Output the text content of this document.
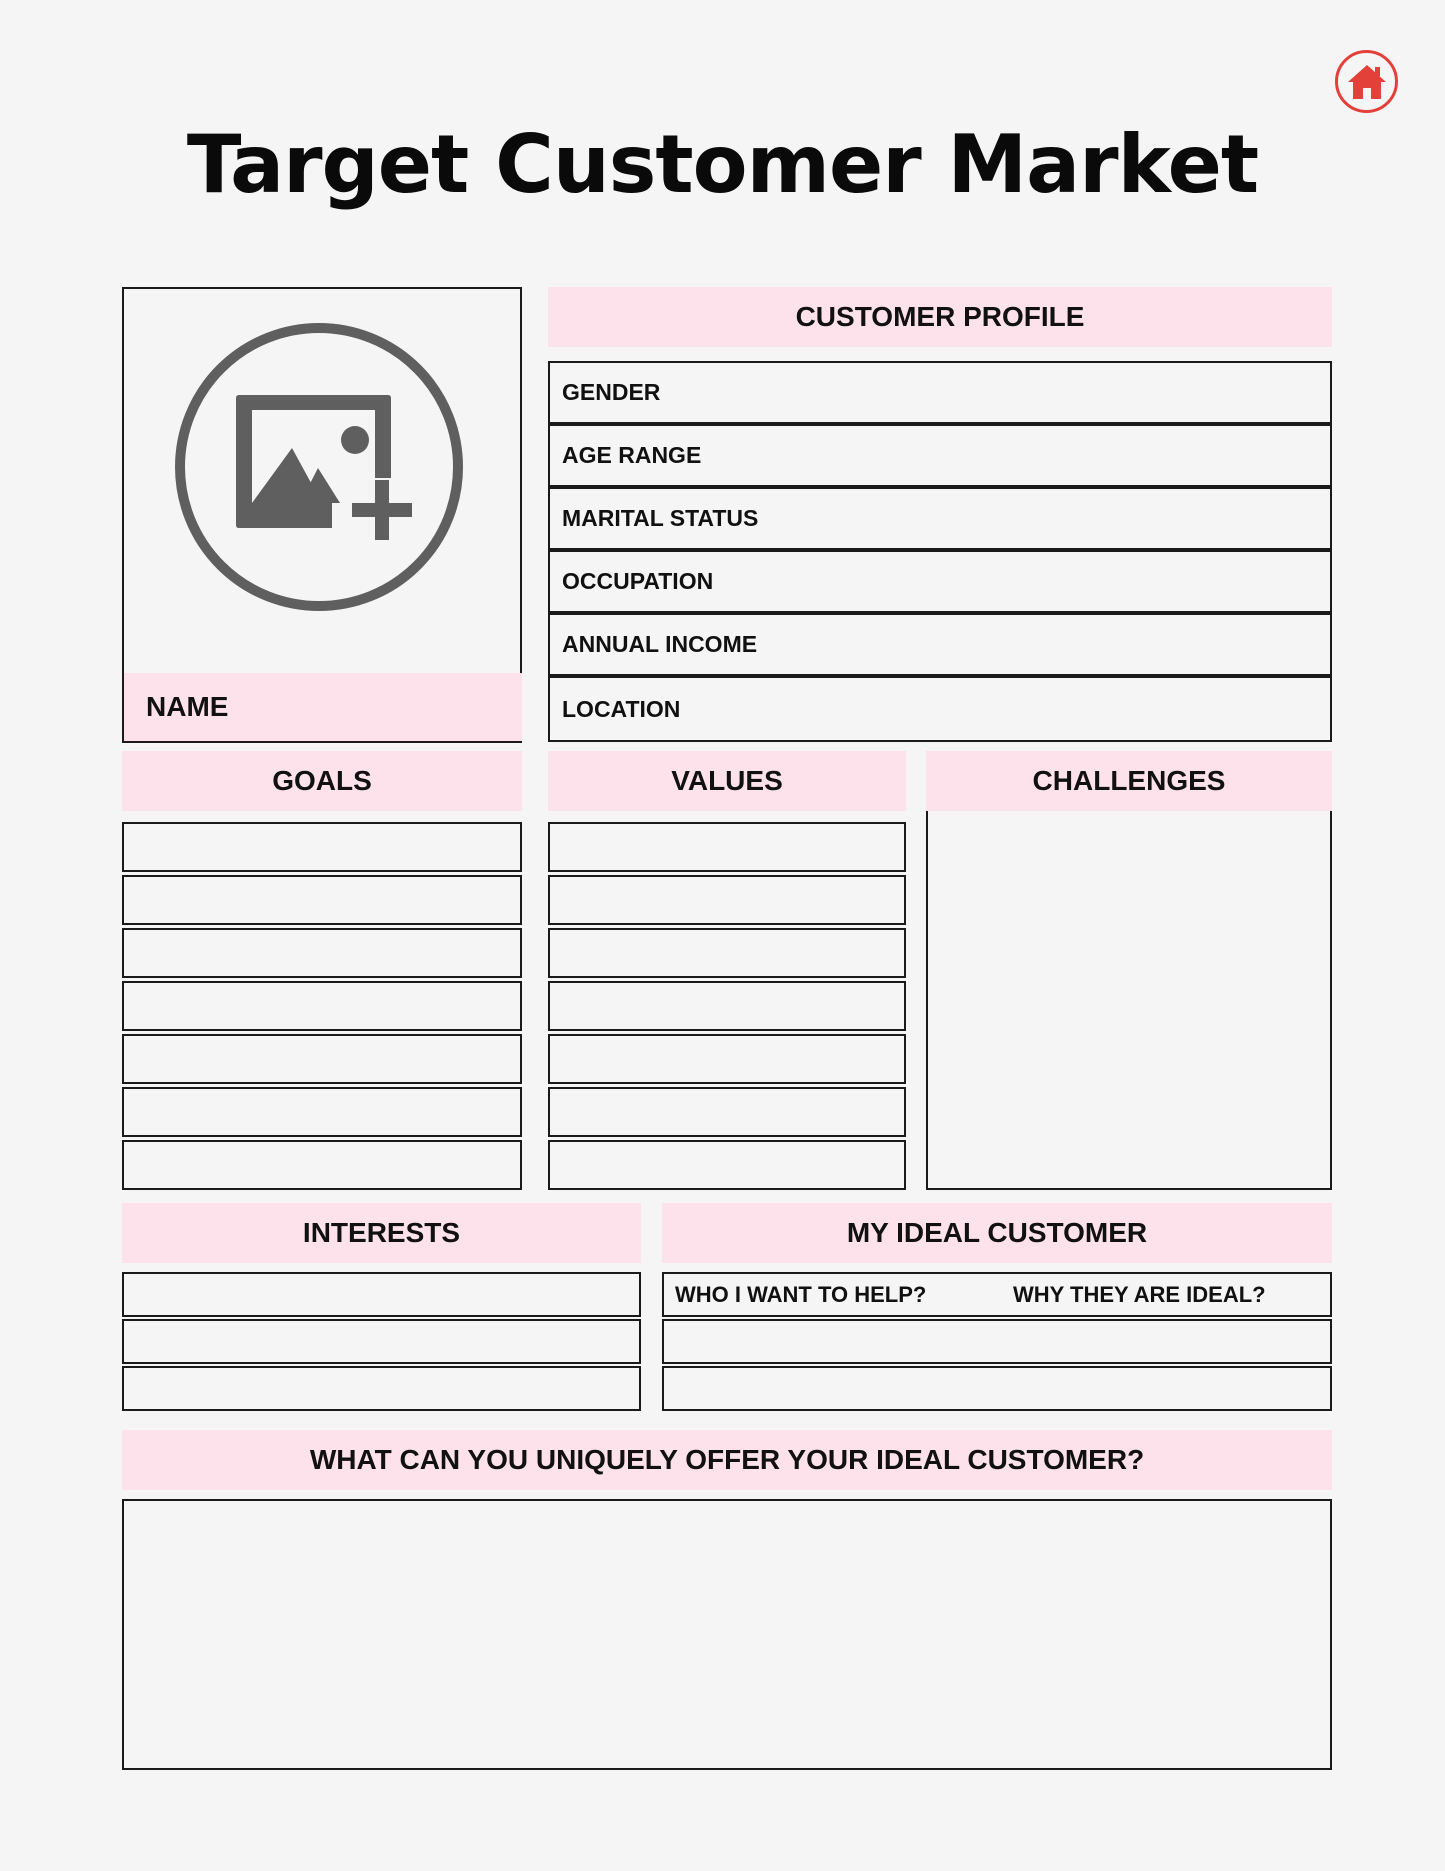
Target Customer Market
NAME
CUSTOMER PROFILE
GENDER
AGE RANGE
MARITAL STATUS
OCCUPATION
ANNUAL INCOME
LOCATION
GOALS	VALUES	CHALLENGES
INTERESTS	MY IDEAL CUSTOMER
WHO I WANT TO HELP?	WHY THEY ARE IDEAL?
WHAT CAN YOU UNIQUELY OFFER YOUR IDEAL CUSTOMER?
